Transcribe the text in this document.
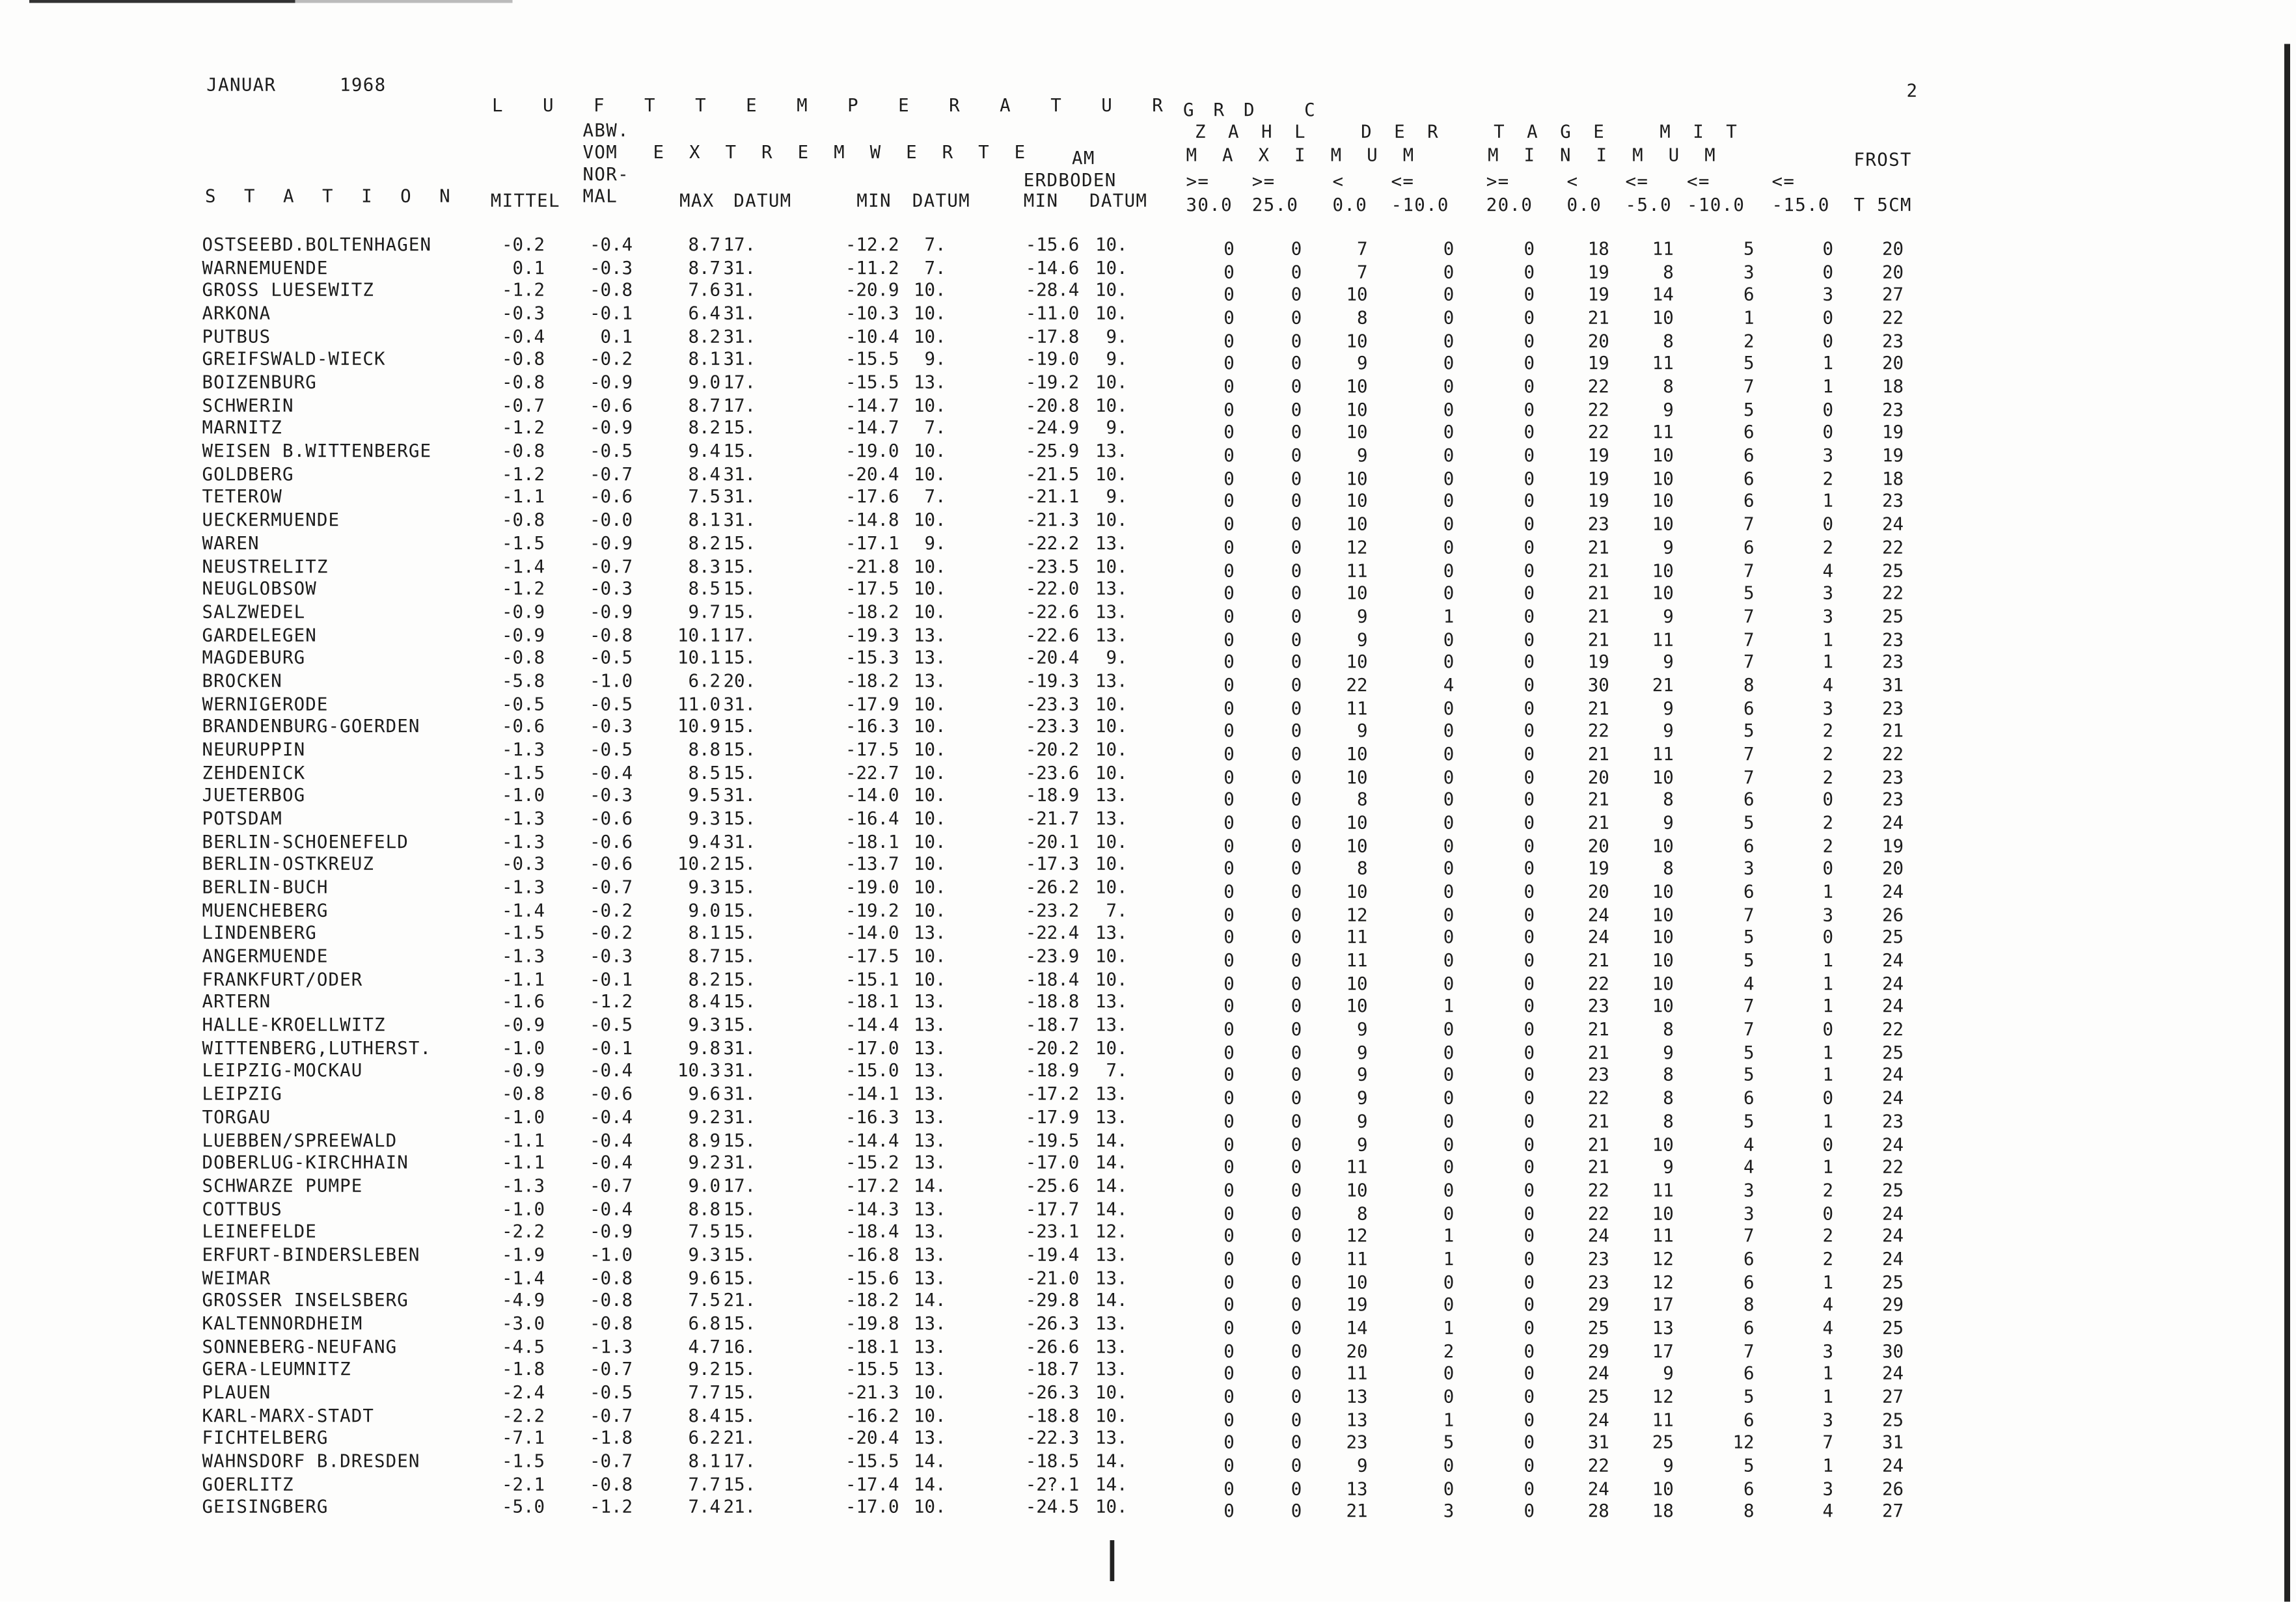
JANUAR	1968	2
L U F T T E M P E R A T U R G R D   C
ABW.
VOM
NOR-
MAL
E X T R E M W E R T E	AM
ERDBODEN
Z A H L   D E R   T A G E   M I T
M A X I M U M	M I N I M U M	FROST
>=
30.0
>=
25.0
<
0.0
<=
-10.0
>=
20.0
<
0.0
<=
-5.0
<=
-10.0
<=
-15.0
S T A T I O N	MITTEL	MAX DATUM	MIN	DATUM	MIN	DATUM	T 5CM
OSTSEEBD.BOLTENHAGEN	-0.2	-0.4	8.7 17.	-12.2	7.	-15.6 10.	0	0	7	0	0	18	11	5	0	20
WARNEMUENDE	0.1	-0.3	8.7 31.	-11.2	7.	-14.6 10.	0	0	7	0	0	19	8	3	0	20
GROSS LUESEWITZ	-1.2	-0.8	7.6 31.	-20.9 10.	-28.4 10.	0	0	10	0	0	19	14	6	3	27
ARKONA	-0.3	-0.1	6.4 31.	-10.3 10.	-11.0 10.	0	0	8	0	0	21	10	1	0	22
PUTBUS	-0.4	0.1	8.2 31.	-10.4 10.	-17.8	9.	0	0	10	0	0	20	8	2	0	23
GREIFSWALD-WIECK	-0.8	-0.2	8.1 31.	-15.5	9.	-19.0	9.	0	0	9	0	0	19	11	5	1	20
BOIZENBURG	-0.8	-0.9	9.0 17.	-15.5 13.	-19.2 10.	0	0	10	0	0	22	8	7	1	18
SCHWERIN	-0.7	-0.6	8.7 17.	-14.7 10.	-20.8 10.	0	0	10	0	0	22	9	5	0	23
MARNITZ	-1.2	-0.9	8.2 15.	-14.7	7.	-24.9	9.	0	0	10	0	0	22	11	6	0	19
WEISEN B.WITTENBERGE	-0.8	-0.5	9.4 15.	-19.0 10.	-25.9 13.	0	0	9	0	0	19	10	6	3	19
GOLDBERG	-1.2	-0.7	8.4 31.	-20.4 10.	-21.5 10.	0	0	10	0	0	19	10	6	2	18
TETEROW	-1.1	-0.6	7.5 31.	-17.6	7.	-21.1	9.	0	0	10	0	0	19	10	6	1	23
UECKERMUENDE	-0.8	-0.0	8.1 31.	-14.8 10.	-21.3 10.	0	0	10	0	0	23	10	7	0	24
WAREN	-1.5	-0.9	8.2 15.	-17.1	9.	-22.2 13.	0	0	12	0	0	21	9	6	2	22
NEUSTRELITZ	-1.4	-0.7	8.3 15.	-21.8 10.	-23.5 10.	0	0	11	0	0	21	10	7	4	25
NEUGLOBSOW	-1.2	-0.3	8.5 15.	-17.5 10.	-22.0 13.	0	0	10	0	0	21	10	5	3	22
SALZWEDEL	-0.9	-0.9	9.7 15.	-18.2 10.	-22.6 13.	0	0	9	1	0	21	9	7	3	25
GARDELEGEN	-0.9	-0.8	10.1 17.	-19.3 13.	-22.6 13.	0	0	9	0	0	21	11	7	1	23
MAGDEBURG	-0.8	-0.5	10.1 15.	-15.3 13.	-20.4	9.	0	0	10	0	0	19	9	7	1	23
BROCKEN	-5.8	-1.0	6.2 20.	-18.2 13.	-19.3 13.	0	0	22	4	0	30	21	8	4	31
WERNIGERODE	-0.5	-0.5	11.0 31.	-17.9 10.	-23.3 10.	0	0	11	0	0	21	9	6	3	23
BRANDENBURG-GOERDEN	-0.6	-0.3	10.9 15.	-16.3 10.	-23.3 10.	0	0	9	0	0	22	9	5	2	21
NEURUPPIN	-1.3	-0.5	8.8 15.	-17.5 10.	-20.2 10.	0	0	10	0	0	21	11	7	2	22
ZEHDENICK	-1.5	-0.4	8.5 15.	-22.7 10.	-23.6 10.	0	0	10	0	0	20	10	7	2	23
JUETERBOG	-1.0	-0.3	9.5 31.	-14.0 10.	-18.9 13.	0	0	8	0	0	21	8	6	0	23
POTSDAM	-1.3	-0.6	9.3 15.	-16.4 10.	-21.7 13.	0	0	10	0	0	21	9	5	2	24
BERLIN-SCHOENEFELD	-1.3	-0.6	9.4 31.	-18.1 10.	-20.1 10.	0	0	10	0	0	20	10	6	2	19
BERLIN-OSTKREUZ	-0.3	-0.6	10.2 15.	-13.7 10.	-17.3 10.	0	0	8	0	0	19	8	3	0	20
BERLIN-BUCH	-1.3	-0.7	9.3 15.	-19.0 10.	-26.2 10.	0	0	10	0	0	20	10	6	1	24
MUENCHEBERG	-1.4	-0.2	9.0 15.	-19.2 10.	-23.2	7.	0	0	12	0	0	24	10	7	3	26
LINDENBERG	-1.5	-0.2	8.1 15.	-14.0 13.	-22.4 13.	0	0	11	0	0	24	10	5	0	25
ANGERMUENDE	-1.3	-0.3	8.7 15.	-17.5 10.	-23.9 10.	0	0	11	0	0	21	10	5	1	24
FRANKFURT/ODER	-1.1	-0.1	8.2 15.	-15.1 10.	-18.4 10.	0	0	10	0	0	22	10	4	1	24
ARTERN	-1.6	-1.2	8.4 15.	-18.1 13.	-18.8 13.	0	0	10	1	0	23	10	7	1	24
HALLE-KROELLWITZ	-0.9	-0.5	9.3 15.	-14.4 13.	-18.7 13.	0	0	9	0	0	21	8	7	0	22
WITTENBERG,LUTHERST.	-1.0	-0.1	9.8 31.	-17.0 13.	-20.2 10.	0	0	9	0	0	21	9	5	1	25
LEIPZIG-MOCKAU	-0.9	-0.4	10.3 31.	-15.0 13.	-18.9	7.	0	0	9	0	0	23	8	5	1	24
LEIPZIG	-0.8	-0.6	9.6 31.	-14.1 13.	-17.2 13.	0	0	9	0	0	22	8	6	0	24
TORGAU	-1.0	-0.4	9.2 31.	-16.3 13.	-17.9 13.	0	0	9	0	0	21	8	5	1	23
LUEBBEN/SPREEWALD	-1.1	-0.4	8.9 15.	-14.4 13.	-19.5 14.	0	0	9	0	0	21	10	4	0	24
DOBERLUG-KIRCHHAIN	-1.1	-0.4	9.2 31.	-15.2 13.	-17.0 14.	0	0	11	0	0	21	9	4	1	22
SCHWARZE PUMPE	-1.3	-0.7	9.0 17.	-17.2 14.	-25.6 14.	0	0	10	0	0	22	11	3	2	25
COTTBUS	-1.0	-0.4	8.8 15.	-14.3 13.	-17.7 14.	0	0	8	0	0	22	10	3	0	24
LEINEFELDE	-2.2	-0.9	7.5 15.	-18.4 13.	-23.1 12.	0	0	12	1	0	24	11	7	2	24
ERFURT-BINDERSLEBEN	-1.9	-1.0	9.3 15.	-16.8 13.	-19.4 13.	0	0	11	1	0	23	12	6	2	24
WEIMAR	-1.4	-0.8	9.6 15.	-15.6 13.	-21.0 13.	0	0	10	0	0	23	12	6	1	25
GROSSER INSELSBERG	-4.9	-0.8	7.5 21.	-18.2 14.	-29.8 14.	0	0	19	0	0	29	17	8	4	29
KALTENNORDHEIM	-3.0	-0.8	6.8 15.	-19.8 13.	-26.3 13.	0	0	14	1	0	25	13	6	4	25
SONNEBERG-NEUFANG	-4.5	-1.3	4.7 16.	-18.1 13.	-26.6 13.	0	0	20	2	0	29	17	7	3	30
GERA-LEUMNITZ	-1.8	-0.7	9.2 15.	-15.5 13.	-18.7 13.	0	0	11	0	0	24	9	6	1	24
PLAUEN	-2.4	-0.5	7.7 15.	-21.3 10.	-26.3 10.	0	0	13	0	0	25	12	5	1	27
KARL-MARX-STADT	-2.2	-0.7	8.4 15.	-16.2 10.	-18.8 10.	0	0	13	1	0	24	11	6	3	25
FICHTELBERG	-7.1	-1.8	6.2 21.	-20.4 13.	-22.3 13.	0	0	23	5	0	31	25	12	7	31
WAHNSDORF B.DRESDEN	-1.5	-0.7	8.1 17.	-15.5 14.	-18.5 14.	0	0	9	0	0	22	9	5	1	24
GOERLITZ	-2.1	-0.8	7.7 15.	-17.4 14.	-2?.1 14.	0	0	13	0	0	24	10	6	3	26
GEISINGBERG	-5.0	-1.2	7.4 21.	-17.0 10.	-24.5 10.	0	0	21	3	0	28	18	8	4	27
